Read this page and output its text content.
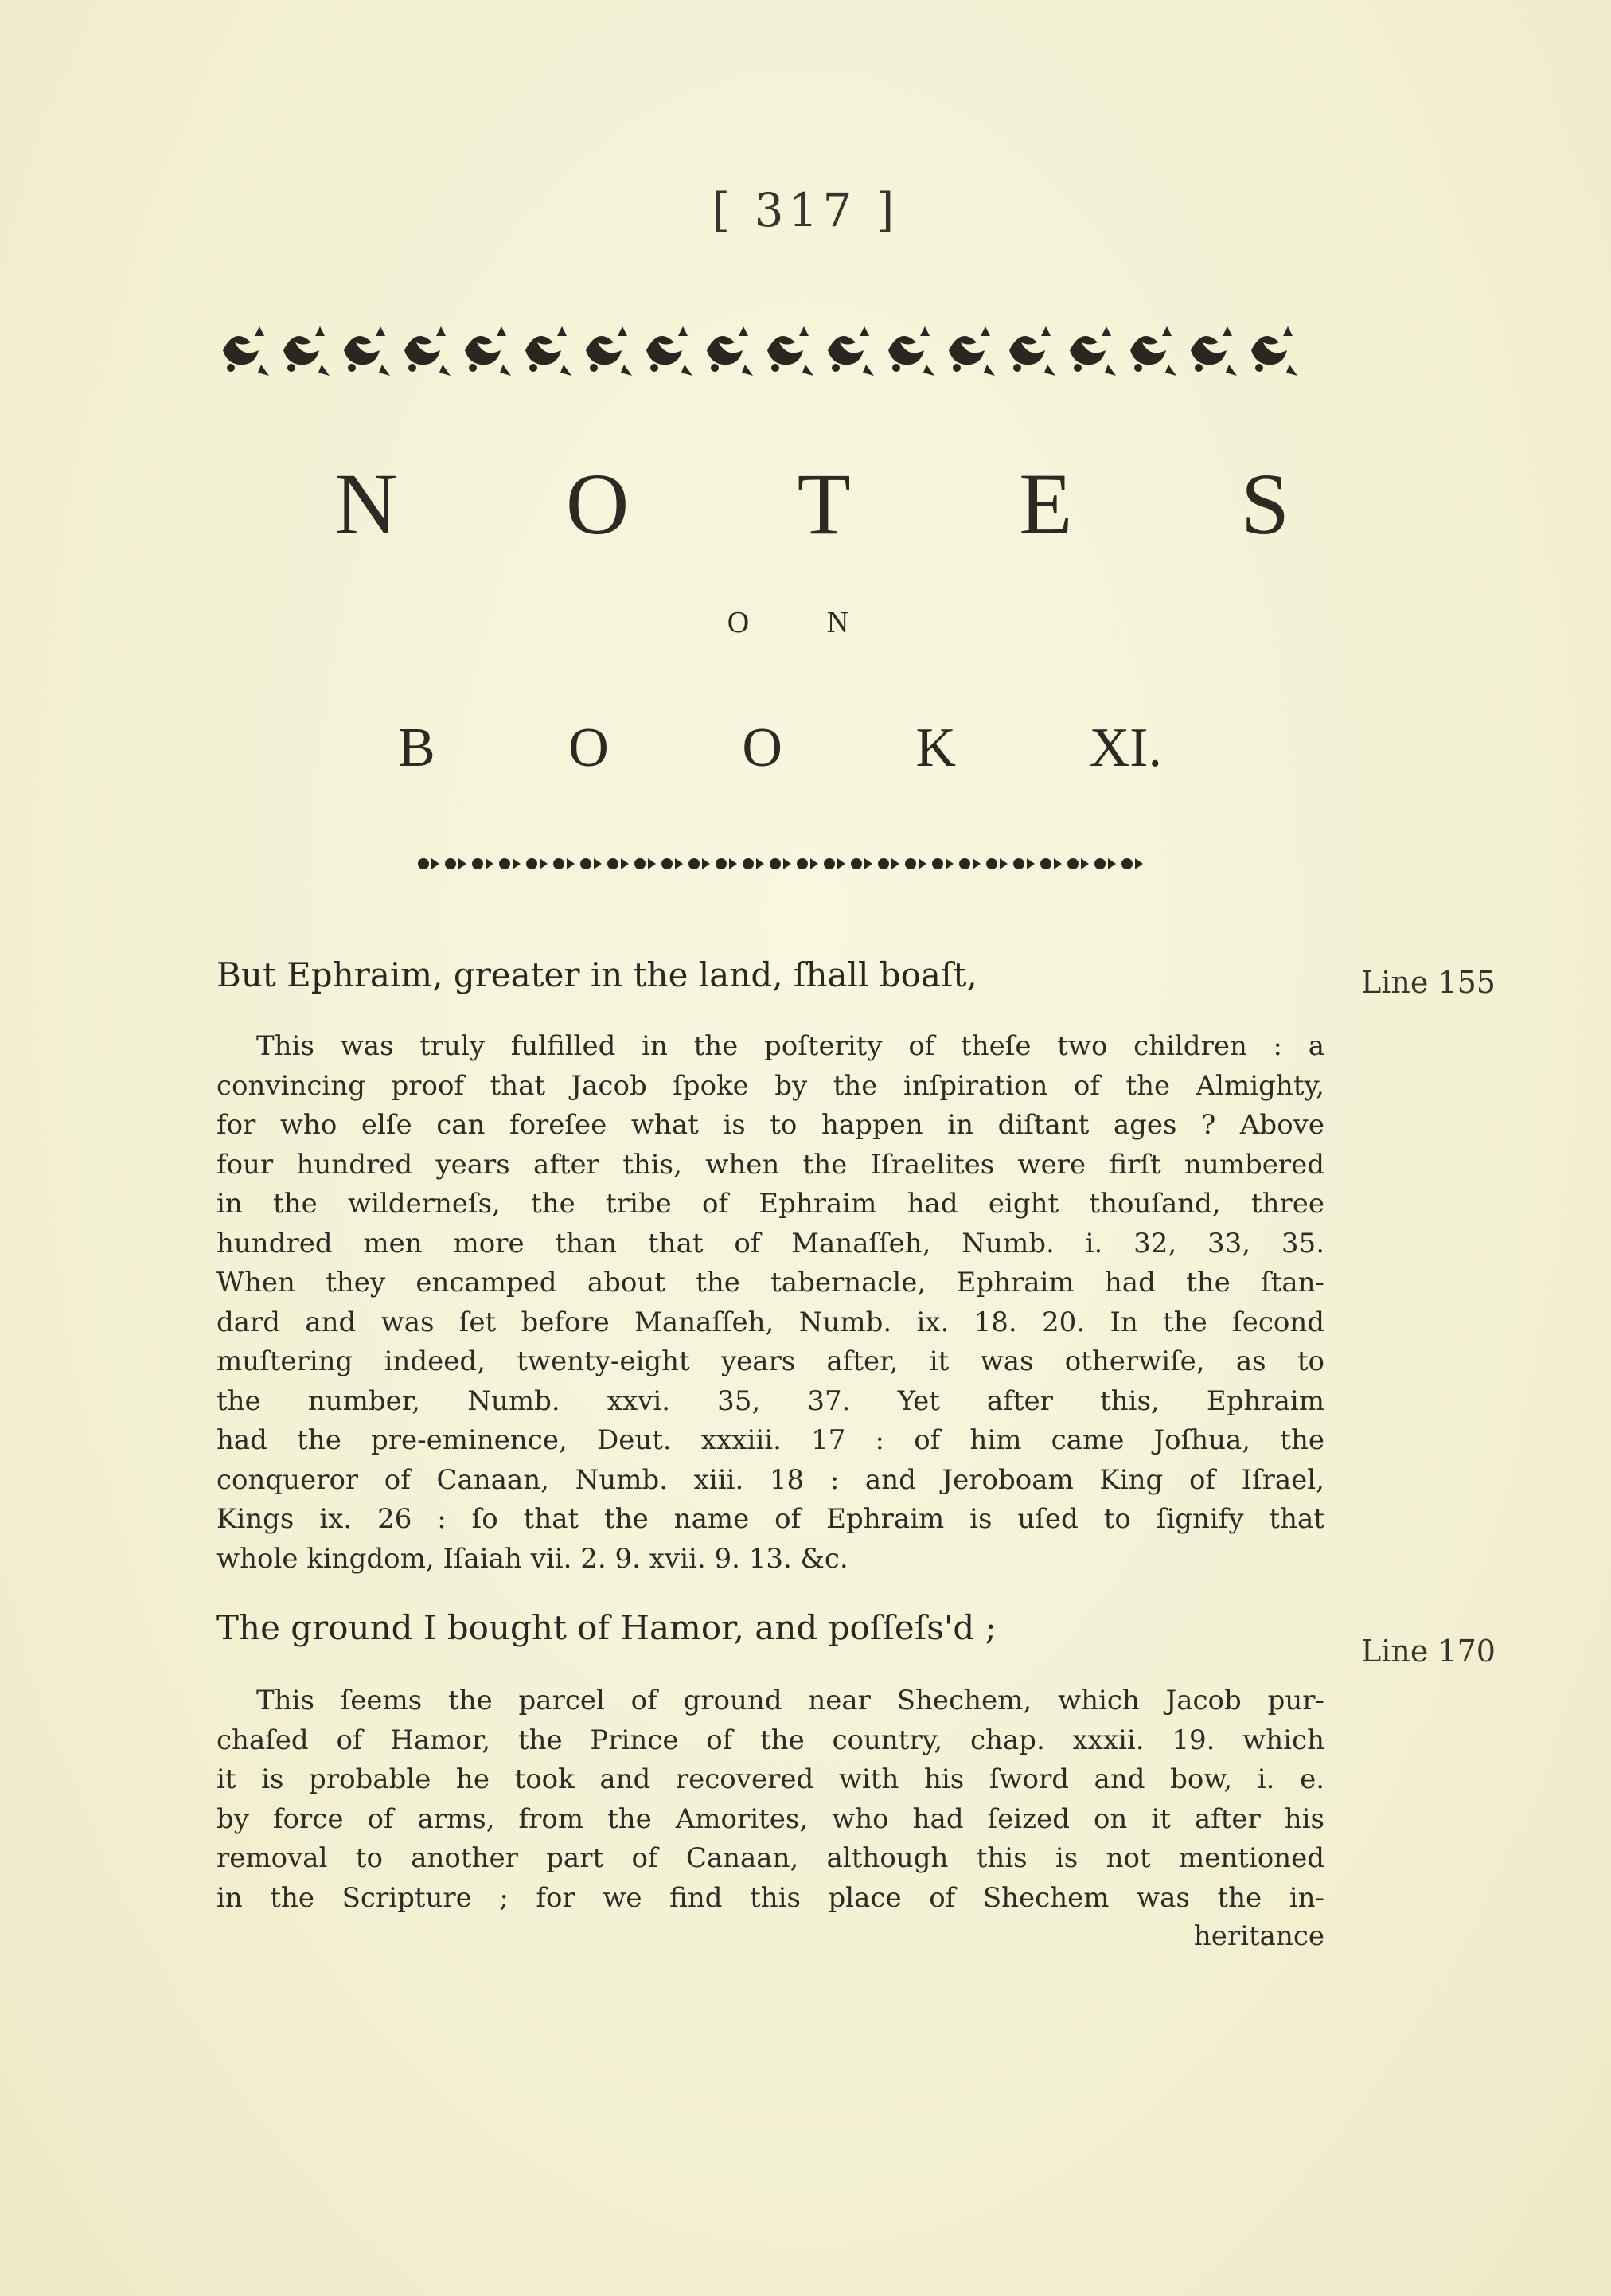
[ 317 ]
N O T E S
O N
B O O K XI.
But Ephraim, greater in the land, ſhall boaſt,	Line 155
This was truly fulfilled in the poſterity of theſe two children : a
convincing proof that Jacob ſpoke by the inſpiration of the Almighty,
for who elſe can foreſee what is to happen in diſtant ages ? Above
four hundred years after this, when the Iſraelites were firſt numbered
in the wilderneſs, the tribe of Ephraim had eight thouſand, three
hundred men more than that of Manaſſeh, Numb. i. 32, 33, 35.
When they encamped about the tabernacle, Ephraim had the ſtan-
dard and was ſet before Manaſſeh, Numb. ix. 18. 20. In the ſecond
muſtering indeed, twenty-eight years after, it was otherwiſe, as to
the number, Numb. xxvi. 35, 37. Yet after this, Ephraim
had the pre-eminence, Deut. xxxiii. 17 : of him came Joſhua, the
conqueror of Canaan, Numb. xiii. 18 : and Jeroboam King of Iſrael,
Kings ix. 26 : ſo that the name of Ephraim is uſed to ſignify that
whole kingdom, Iſaiah vii. 2. 9. xvii. 9. 13. &c.
The ground I bought of Hamor, and poſſeſs'd ;
Line 170
This ſeems the parcel of ground near Shechem, which Jacob pur-
chaſed of Hamor, the Prince of the country, chap. xxxii. 19. which
it is probable he took and recovered with his ſword and bow, i. e.
by force of arms, from the Amorites, who had ſeized on it after his
removal to another part of Canaan, although this is not mentioned
in the Scripture ; for we find this place of Shechem was the in-
heritance
